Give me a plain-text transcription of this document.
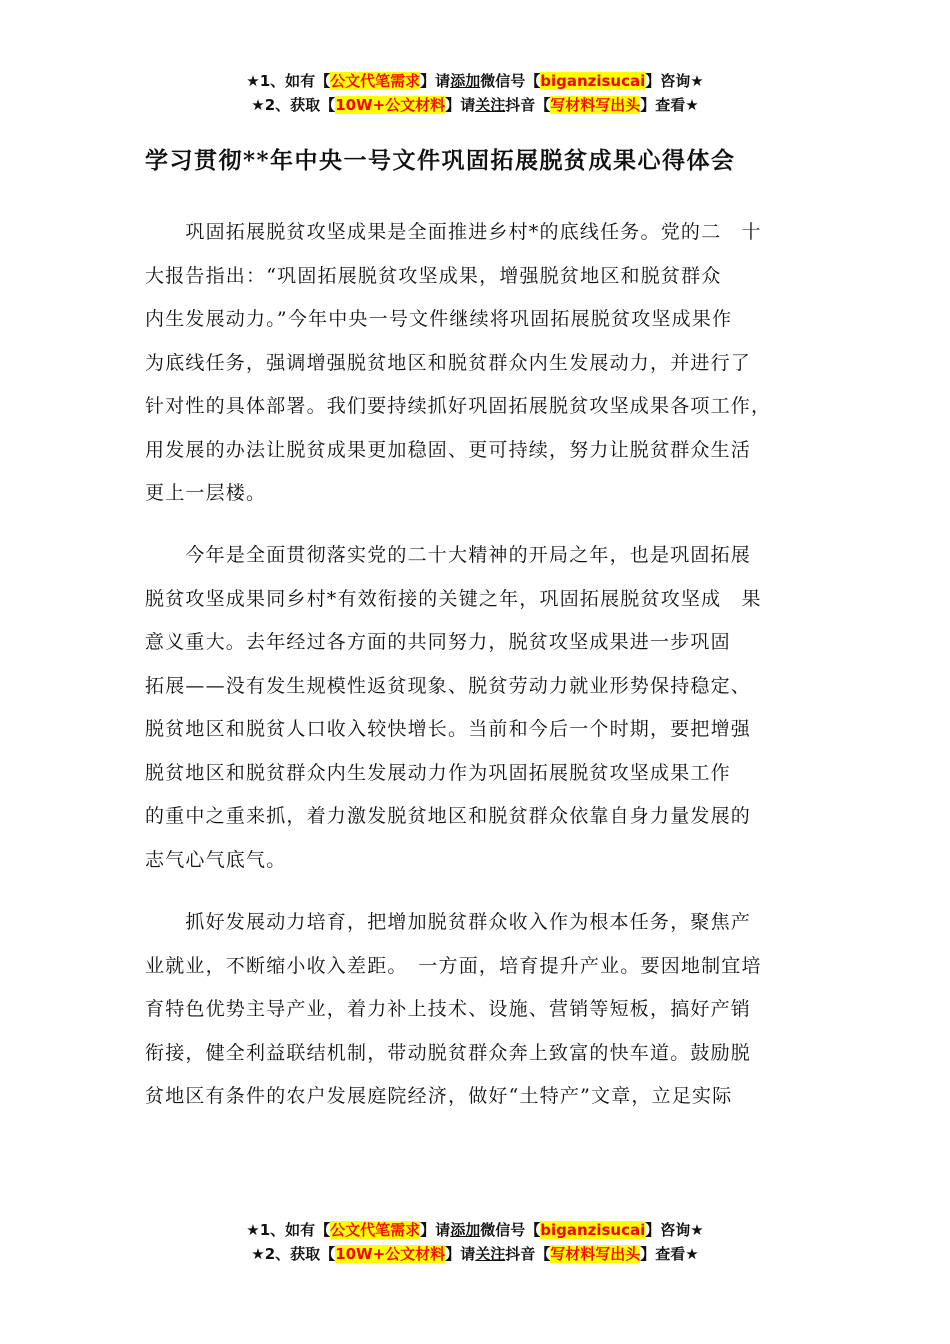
★1、如有【公文代笔需求】请添加微信号【biganzisucai】咨询★
★2、获取【10W+公文材料】请关注抖音【写材料写出头】查看★
学习贯彻**年中央一号文件巩固拓展脱贫成果心得体会
　　巩固拓展脱贫攻坚成果是全面推进乡村*的底线任务。党的二　十
大报告指出：“巩固拓展脱贫攻坚成果，增强脱贫地区和脱贫群众
内生发展动力。”今年中央一号文件继续将巩固拓展脱贫攻坚成果作
为底线任务，强调增强脱贫地区和脱贫群众内生发展动力，并进行了
针对性的具体部署。我们要持续抓好巩固拓展脱贫攻坚成果各项工作，
用发展的办法让脱贫成果更加稳固、更可持续，努力让脱贫群众生活
更上一层楼。
　　今年是全面贯彻落实党的二十大精神的开局之年，也是巩固拓展
脱贫攻坚成果同乡村*有效衔接的关键之年，巩固拓展脱贫攻坚成　果
意义重大。去年经过各方面的共同努力，脱贫攻坚成果进一步巩固
拓展——没有发生规模性返贫现象、脱贫劳动力就业形势保持稳定、
脱贫地区和脱贫人口收入较快增长。当前和今后一个时期，要把增强
脱贫地区和脱贫群众内生发展动力作为巩固拓展脱贫攻坚成果工作
的重中之重来抓，着力激发脱贫地区和脱贫群众依靠自身力量发展的
志气心气底气。
　　抓好发展动力培育，把增加脱贫群众收入作为根本任务，聚焦产
业就业，不断缩小收入差距。　一方面，培育提升产业。要因地制宜培
育特色优势主导产业，着力补上技术、设施、营销等短板，搞好产销
衔接，健全利益联结机制，带动脱贫群众奔上致富的快车道。鼓励脱
贫地区有条件的农户发展庭院经济，做好“土特产”文章，立足实际
★1、如有【公文代笔需求】请添加微信号【biganzisucai】咨询★
★2、获取【10W+公文材料】请关注抖音【写材料写出头】查看★
